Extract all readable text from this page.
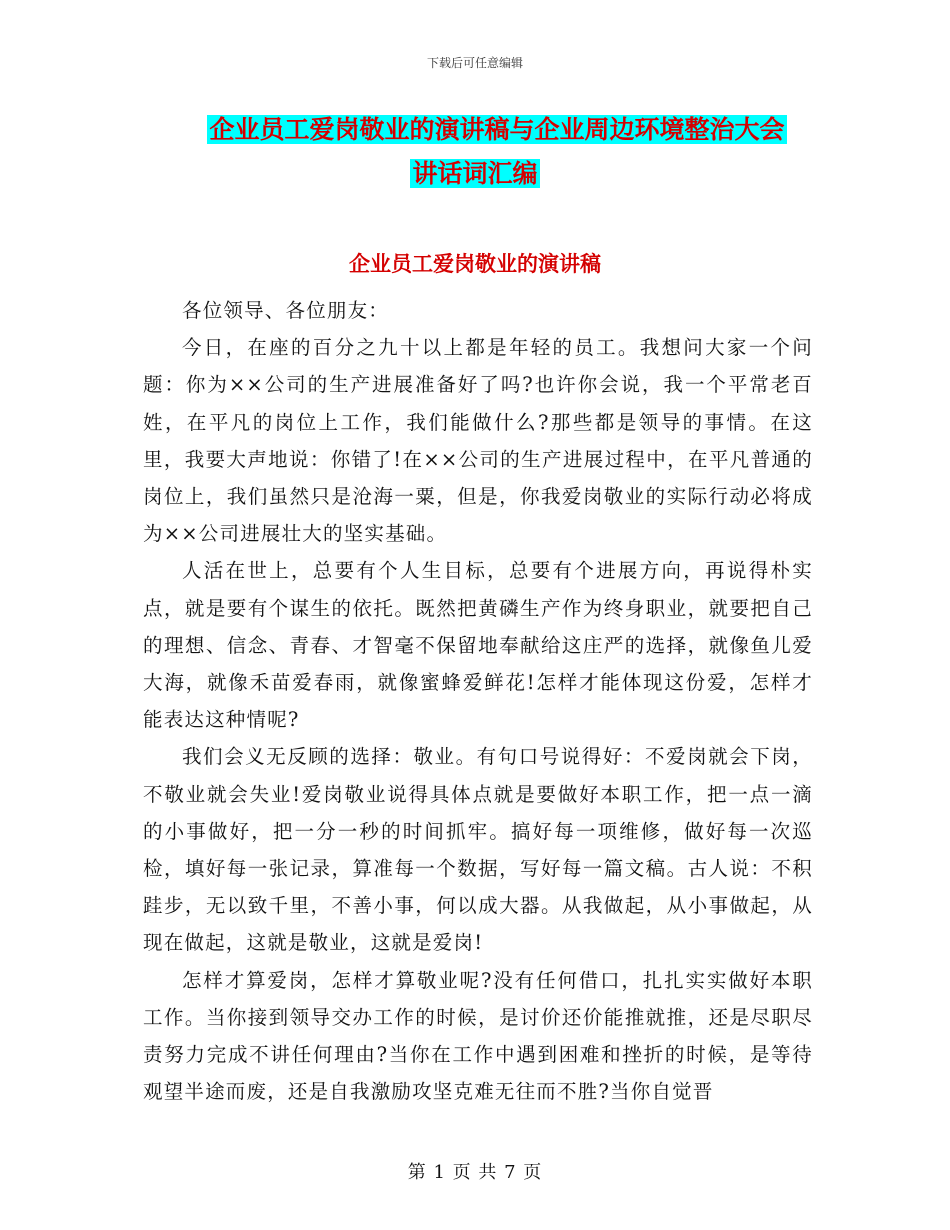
下载后可任意编辑
企业员工爱岗敬业的演讲稿与企业周边环境整治大会
讲话词汇编
企业员工爱岗敬业的演讲稿

各位领导、各位朋友：

今日，在座的百分之九十以上都是年轻的员工。我想问大家一个问题：你为××公司的生产进展准备好了吗?也许你会说，我一个平常老百姓，在平凡的岗位上工作，我们能做什么?那些都是领导的事情。在这里，我要大声地说：你错了!在××公司的生产进展过程中，在平凡普通的岗位上，我们虽然只是沧海一粟，但是，你我爱岗敬业的实际行动必将成为××公司进展壮大的坚实基础。

人活在世上，总要有个人生目标，总要有个进展方向，再说得朴实点，就是要有个谋生的依托。既然把黄磷生产作为终身职业，就要把自己的理想、信念、青春、才智毫不保留地奉献给这庄严的选择，就像鱼儿爱大海，就像禾苗爱春雨，就像蜜蜂爱鲜花!怎样才能体现这份爱，怎样才能表达这种情呢?

我们会义无反顾的选择：敬业。有句口号说得好：不爱岗就会下岗，不敬业就会失业!爱岗敬业说得具体点就是要做好本职工作，把一点一滴的小事做好，把一分一秒的时间抓牢。搞好每一项维修，做好每一次巡检，填好每一张记录，算准每一个数据，写好每一篇文稿。古人说：不积跬步，无以致千里，不善小事，何以成大器。从我做起，从小事做起，从现在做起，这就是敬业，这就是爱岗!

怎样才算爱岗，怎样才算敬业呢?没有任何借口，扎扎实实做好本职工作。当你接到领导交办工作的时候，是讨价还价能推就推，还是尽职尽责努力完成不讲任何理由?当你在工作中遇到困难和挫折的时候，是等待观望半途而废，还是自我激励攻坚克难无往而不胜?当你自觉晋

第 1 页 共 7 页
